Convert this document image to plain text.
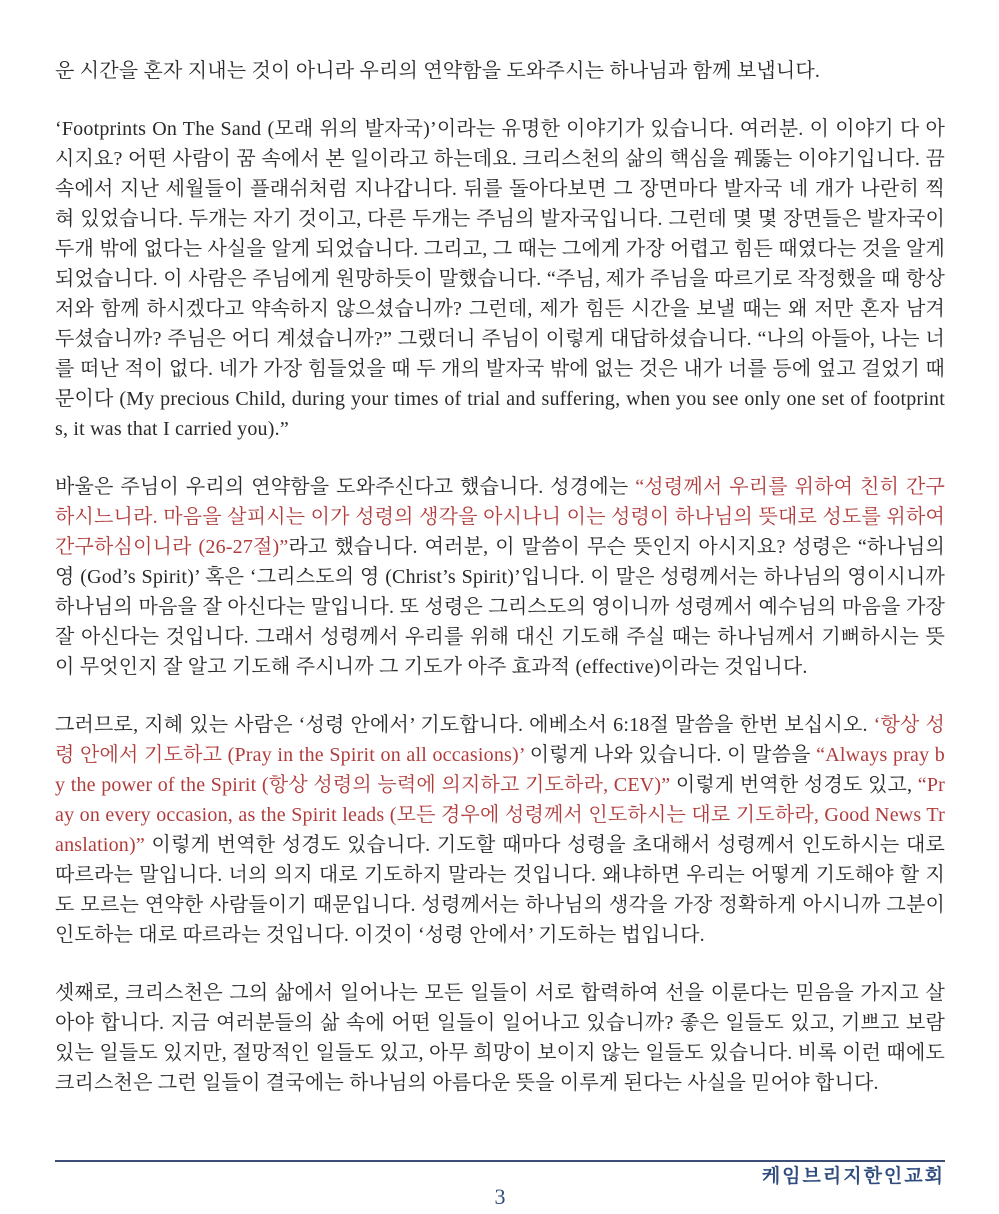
운 시간을 혼자 지내는 것이 아니라 우리의 연약함을 도와주시는 하나님과 함께 보냅니다.

‘Footprints On The Sand (모래 위의 발자국)’이라는 유명한 이야기가 있습니다. 여러분. 이 이야기 다 아시지요? 어떤 사람이 꿈 속에서 본 일이라고 하는데요. 크리스천의 삶의 핵심을 꿰뚫는 이야기입니다. 끔 속에서 지난 세월들이 플래쉬처럼 지나갑니다. 뒤를 돌아다보면 그 장면마다 발자국 네 개가 나란히 찍혀 있었습니다. 두개는 자기 것이고, 다른 두개는 주님의 발자국입니다. 그런데 몇 몇 장면들은 발자국이 두개 밖에 없다는 사실을 알게 되었습니다. 그리고, 그 때는 그에게 가장 어렵고 힘든 때였다는 것을 알게 되었습니다. 이 사람은 주님에게 원망하듯이 말했습니다. “주님, 제가 주님을 따르기로 작정했을 때 항상 저와 함께 하시겠다고 약속하지 않으셨습니까? 그런데, 제가 힘든 시간을 보낼 때는 왜 저만 혼자 남겨 두셨습니까? 주님은 어디 계셨습니까?” 그랬더니 주님이 이렇게 대답하셨습니다. “나의 아들아, 나는 너를 떠난 적이 없다. 네가 가장 힘들었을 때 두 개의 발자국 밖에 없는 것은 내가 너를 등에 엎고 걸었기 때문이다 (My precious Child, during your times of trial and suffering, when you see only one set of footprints, it was that I carried you).”

바울은 주님이 우리의 연약함을 도와주신다고 했습니다. 성경에는 “성령께서 우리를 위하여 친히 간구하시느니라. 마음을 살피시는 이가 성령의 생각을 아시나니 이는 성령이 하나님의 뜻대로 성도를 위하여 간구하심이니라 (26-27절)”라고 했습니다. 여러분, 이 말씀이 무슨 뜻인지 아시지요? 성령은 “하나님의 영 (God’s Spirit)’ 혹은 ‘그리스도의 영 (Christ’s Spirit)’입니다. 이 말은 성령께서는 하나님의 영이시니까 하나님의 마음을 잘 아신다는 말입니다. 또 성령은 그리스도의 영이니까 성령께서 예수님의 마음을 가장 잘 아신다는 것입니다. 그래서 성령께서 우리를 위해 대신 기도해 주실 때는 하나님께서 기뻐하시는 뜻이 무엇인지 잘 알고 기도해 주시니까 그 기도가 아주 효과적 (effective)이라는 것입니다.

그러므로, 지혜 있는 사람은 ‘성령 안에서’ 기도합니다. 에베소서 6:18절 말씀을 한번 보십시오. ‘항상 성령 안에서 기도하고 (Pray in the Spirit on all occasions)’ 이렇게 나와 있습니다. 이 말씀을 “Always pray by the power of the Spirit (항상 성령의 능력에 의지하고 기도하라, CEV)” 이렇게 번역한 성경도 있고, “Pray on every occasion, as the Spirit leads (모든 경우에 성령께서 인도하시는 대로 기도하라, Good News Translation)” 이렇게 번역한 성경도 있습니다. 기도할 때마다 성령을 초대해서 성령께서 인도하시는 대로 따르라는 말입니다. 너의 의지 대로 기도하지 말라는 것입니다. 왜냐하면 우리는 어떻게 기도해야 할 지도 모르는 연약한 사람들이기 때문입니다. 성령께서는 하나님의 생각을 가장 정확하게 아시니까 그분이 인도하는 대로 따르라는 것입니다. 이것이 ‘성령 안에서’ 기도하는 법입니다.

셋째로, 크리스천은 그의 삶에서 일어나는 모든 일들이 서로 합력하여 선을 이룬다는 믿음을 가지고 살아야 합니다. 지금 여러분들의 삶 속에 어떤 일들이 일어나고 있습니까? 좋은 일들도 있고, 기쁘고 보람 있는 일들도 있지만, 절망적인 일들도 있고, 아무 희망이 보이지 않는 일들도 있습니다. 비록 이런 때에도 크리스천은 그런 일들이 결국에는 하나님의 아름다운 뜻을 이루게 된다는 사실을 믿어야 합니다.

케임브리지한인교회
3
